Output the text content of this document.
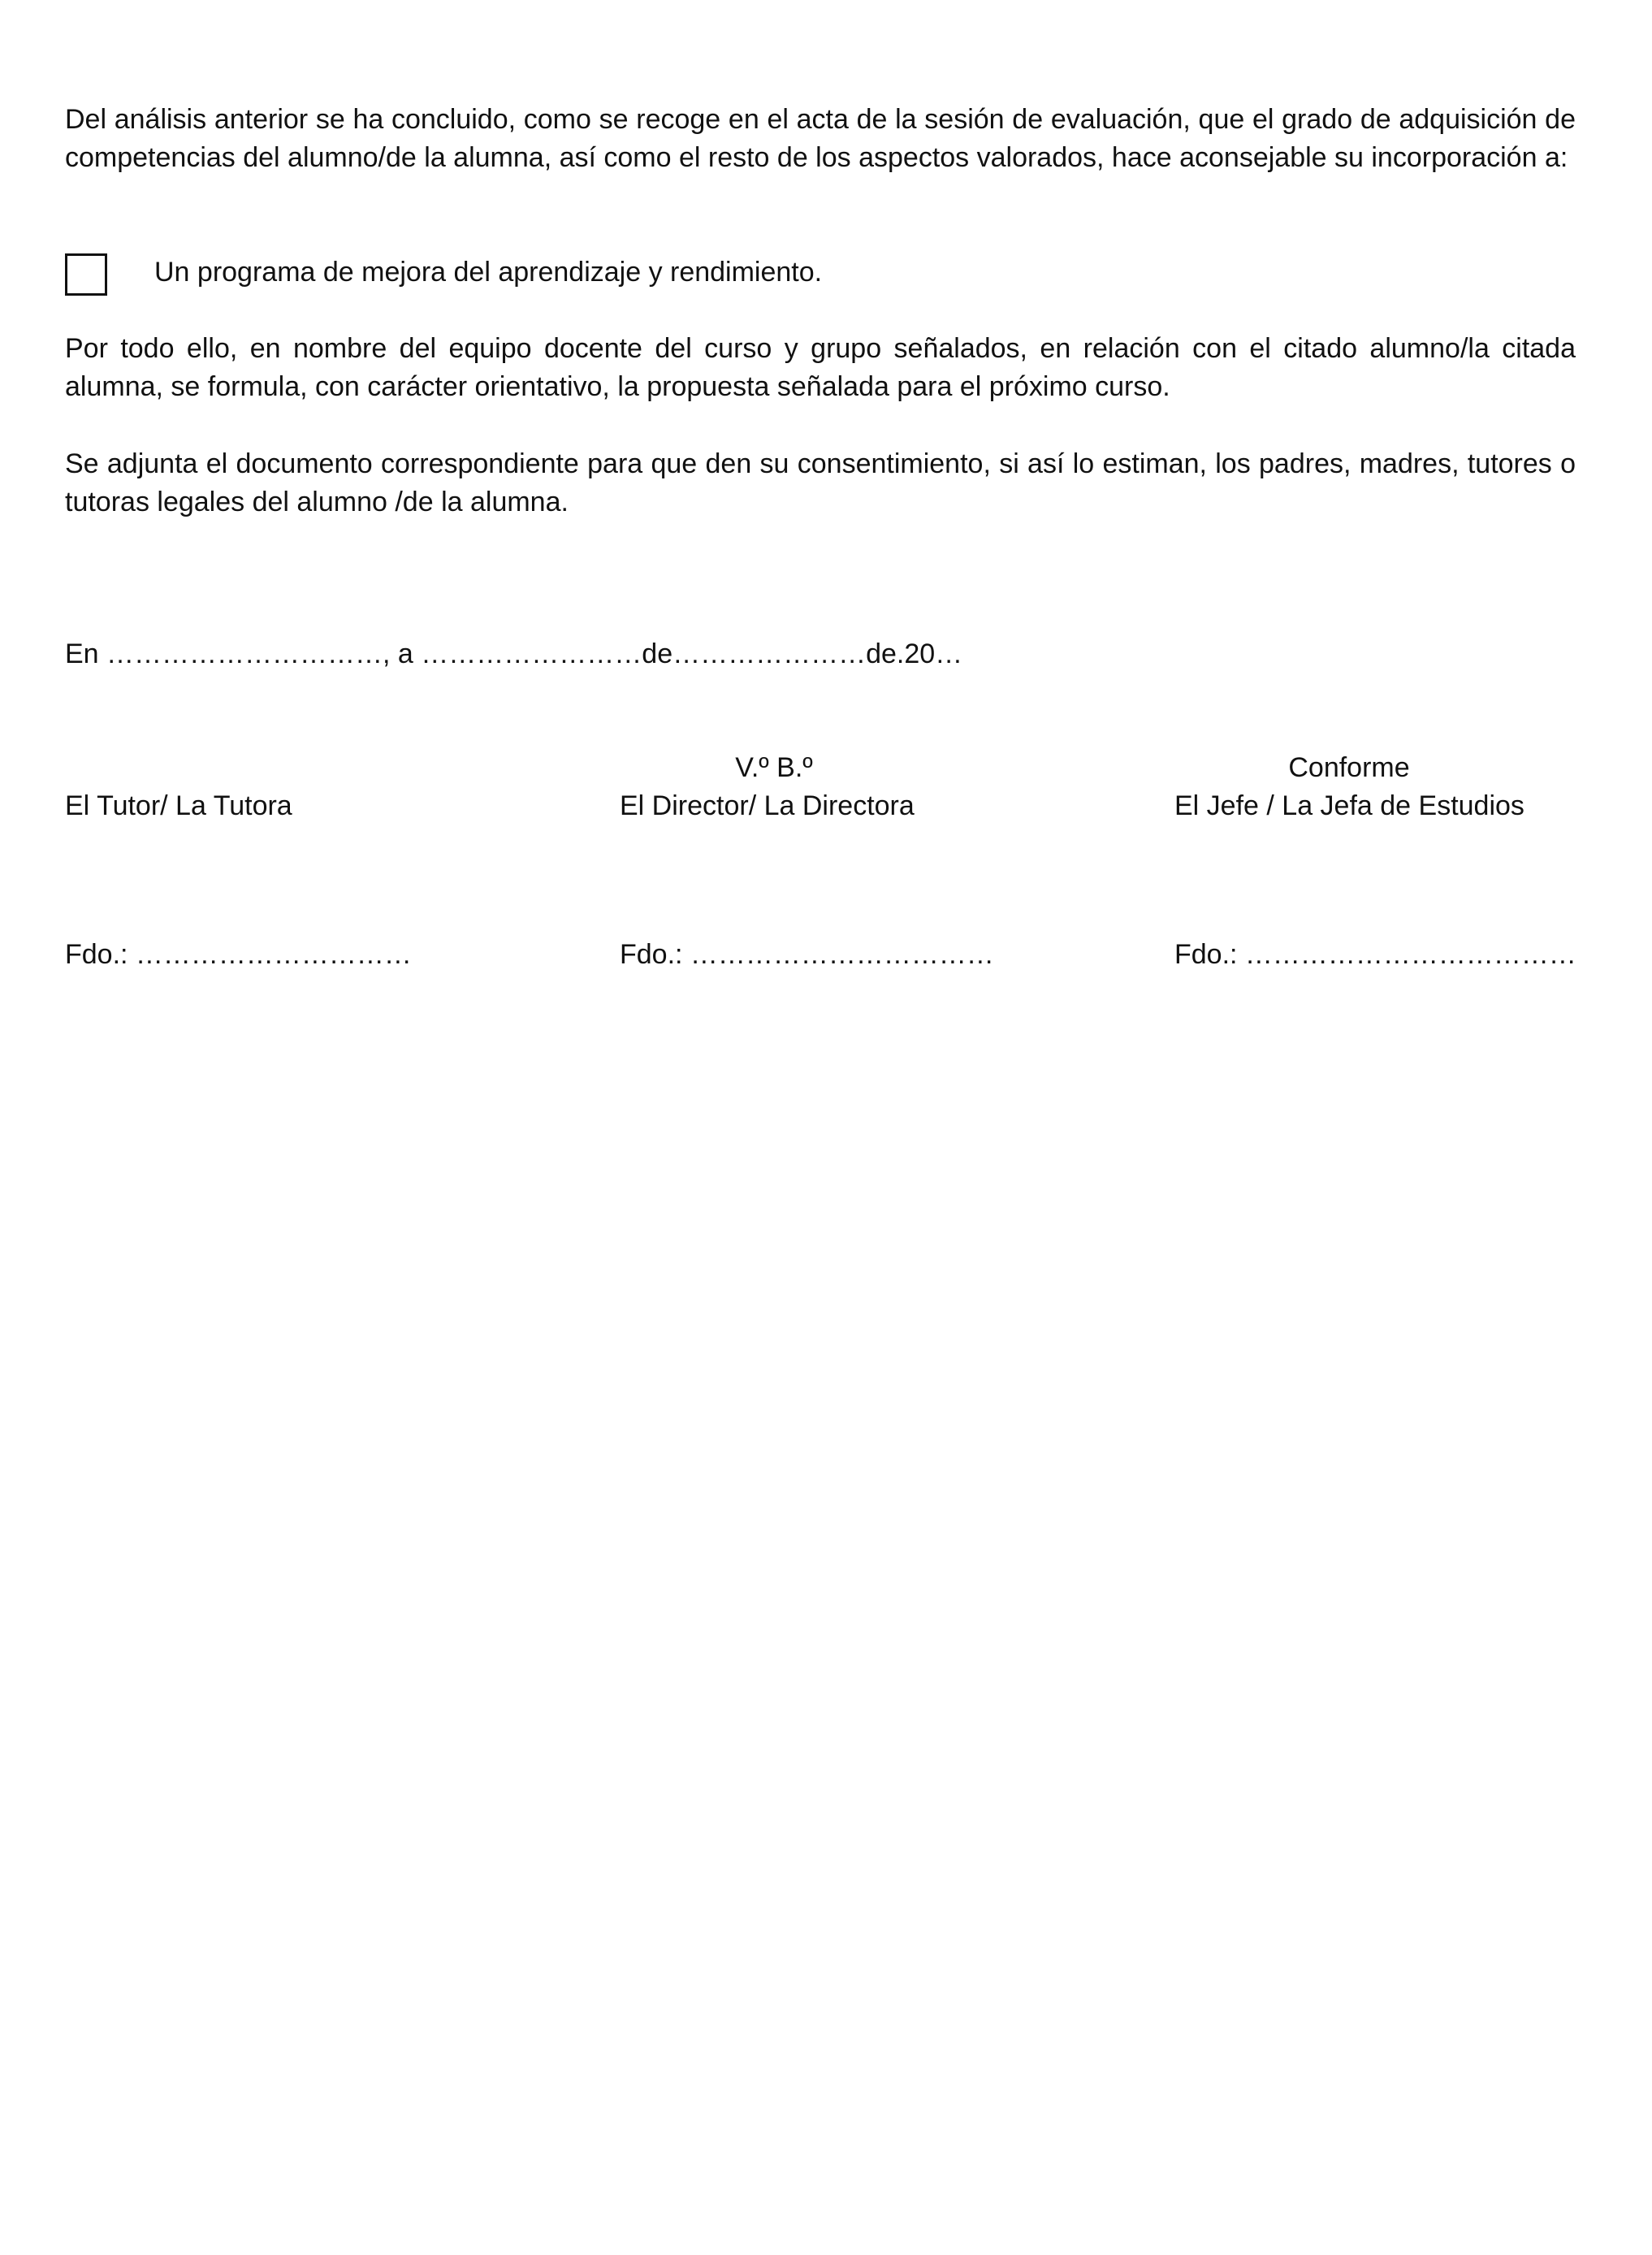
Del análisis anterior se ha concluido, como se recoge en el acta de la sesión de evaluación, que el grado de adquisición de competencias del alumno/de la alumna, así como el resto de los aspectos valorados, hace aconsejable su incorporación a:

Un programa de mejora del aprendizaje y rendimiento.

Por todo ello, en nombre del equipo docente del curso y grupo señalados, en relación con el citado alumno/la citada alumna, se formula, con carácter orientativo, la propuesta señalada para el próximo curso.

Se adjunta el documento correspondiente para que den su consentimiento, si así lo estiman, los padres, madres, tutores o tutoras legales del alumno /de la alumna.

En …………………………, a ……………………de…………………de.20…
El Tutor/ La Tutora
Fdo.: …………………………
V.º B.º
El Director/ La Directora
Fdo.: ……………………………
Conforme
El Jefe / La Jefa de Estudios
Fdo.: ………………………………
